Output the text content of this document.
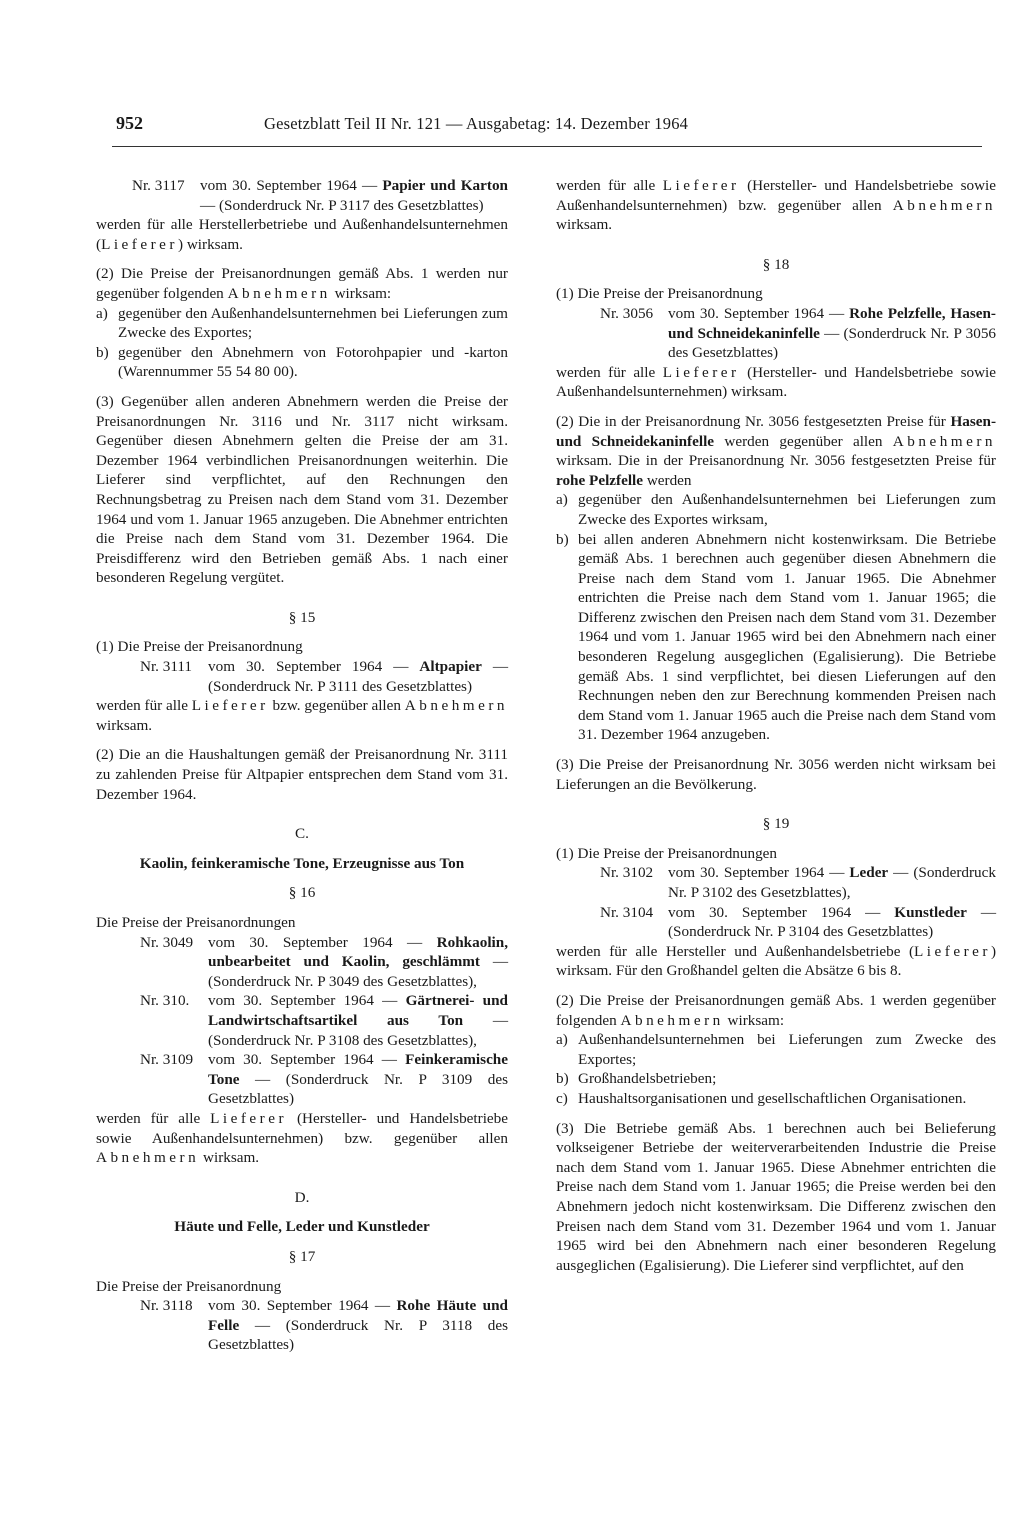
952	Gesetzblatt Teil II Nr. 121 — Ausgabetag: 14. Dezember 1964
Nr. 3117	vom 30. September 1964 — Papier und Karton — (Sonderdruck Nr. P 3117 des Gesetzblattes)

werden für alle Herstellerbetriebe und Außenhandelsunternehmen (Lieferer) wirksam.

(2) Die Preise der Preisanordnungen gemäß Abs. 1 werden nur gegenüber folgenden Abnehmern wirksam:

a) gegenüber den Außenhandelsunternehmen bei Lieferungen zum Zwecke des Exportes;
b) gegenüber den Abnehmern von Fotorohpapier und -karton (Warennummer 55 54 80 00).

(3) Gegenüber allen anderen Abnehmern werden die Preise der Preisanordnungen Nr. 3116 und Nr. 3117 nicht wirksam. Gegenüber diesen Abnehmern gelten die Preise der am 31. Dezember 1964 verbindlichen Preisanordnungen weiterhin. Die Lieferer sind verpflichtet, auf den Rechnungen den Rechnungsbetrag zu Preisen nach dem Stand vom 31. Dezember 1964 und vom 1. Januar 1965 anzugeben. Die Abnehmer entrichten die Preise nach dem Stand vom 31. Dezember 1964. Die Preisdifferenz wird den Betrieben gemäß Abs. 1 nach einer besonderen Regelung vergütet.

§ 15

(1) Die Preise der Preisanordnung

Nr. 3111	vom 30. September 1964 — Altpapier — (Sonderdruck Nr. P 3111 des Gesetzblattes)

werden für alle Lieferer bzw. gegenüber allen Abnehmern wirksam.

(2) Die an die Haushaltungen gemäß der Preisanordnung Nr. 3111 zu zahlenden Preise für Altpapier entsprechen dem Stand vom 31. Dezember 1964.

C.

Kaolin, feinkeramische Tone, Erzeugnisse aus Ton

§ 16

Die Preise der Preisanordnungen

Nr. 3049 vom 30. September 1964 — Rohkaolin, unbearbeitet und Kaolin, geschlämmt — (Sonderdruck Nr. P 3049 des Gesetzblattes),
Nr. 310.	vom 30. September 1964 — Gärtnerei- und Landwirtschaftsartikel aus Ton — (Sonderdruck Nr. P 3108 des Gesetzblattes),
Nr. 3109 vom 30. September 1964 — Feinkeramische Tone — (Sonderdruck Nr. P 3109 des Gesetzblattes)

werden für alle Lieferer (Hersteller- und Handelsbetriebe sowie Außenhandelsunternehmen) bzw. gegenüber allen Abnehmern wirksam.

D.

Häute und Felle, Leder und Kunstleder

§ 17

Die Preise der Preisanordnung

Nr. 3118	vom 30. September 1964 — Rohe Häute und Felle — (Sonderdruck Nr. P 3118 des Gesetzblattes)

werden für alle Lieferer (Hersteller- und Handelsbetriebe sowie Außenhandelsunternehmen) bzw. gegenüber allen Abnehmern wirksam.

§ 18

(1) Die Preise der Preisanordnung

Nr. 3056 vom 30. September 1964 — Rohe Pelzfelle, Hasen- und Schneidekaninfelle — (Sonderdruck Nr. P 3056 des Gesetzblattes)

werden für alle Lieferer (Hersteller- und Handelsbetriebe sowie Außenhandelsunternehmen) wirksam.

(2) Die in der Preisanordnung Nr. 3056 festgesetzten Preise für Hasen- und Schneidekaninfelle werden gegenüber allen Abnehmern wirksam. Die in der Preisanordnung Nr. 3056 festgesetzten Preise für rohe Pelzfelle werden

a) gegenüber den Außenhandelsunternehmen bei Lieferungen zum Zwecke des Exportes wirksam,
b) bei allen anderen Abnehmern nicht kostenwirksam. Die Betriebe gemäß Abs. 1 berechnen auch gegenüber diesen Abnehmern die Preise nach dem Stand vom 1. Januar 1965. Die Abnehmer entrichten die Preise nach dem Stand vom 1. Januar 1965; die Differenz zwischen den Preisen nach dem Stand vom 31. Dezember 1964 und vom 1. Januar 1965 wird bei den Abnehmern nach einer besonderen Regelung ausgeglichen (Egalisierung). Die Betriebe gemäß Abs. 1 sind verpflichtet, bei diesen Lieferungen auf den Rechnungen neben den zur Berechnung kommenden Preisen nach dem Stand vom 1. Januar 1965 auch die Preise nach dem Stand vom 31. Dezember 1964 anzugeben.

(3) Die Preise der Preisanordnung Nr. 3056 werden nicht wirksam bei Lieferungen an die Bevölkerung.

§ 19

(1) Die Preise der Preisanordnungen

Nr. 3102 vom 30. September 1964 — Leder — (Sonderdruck Nr. P 3102 des Gesetzblattes),
Nr. 3104 vom 30. September 1964 — Kunstleder — (Sonderdruck Nr. P 3104 des Gesetzblattes)

werden für alle Hersteller und Außenhandelsbetriebe (Lieferer) wirksam. Für den Großhandel gelten die Absätze 6 bis 8.

(2) Die Preise der Preisanordnungen gemäß Abs. 1 werden gegenüber folgenden Abnehmern wirksam:

a) Außenhandelsunternehmen bei Lieferungen zum Zwecke des Exportes;
b) Großhandelsbetrieben;
c) Haushaltsorganisationen und gesellschaftlichen Organisationen.

(3) Die Betriebe gemäß Abs. 1 berechnen auch bei Belieferung volkseigener Betriebe der weiterverarbeitenden Industrie die Preise nach dem Stand vom 1. Januar 1965. Diese Abnehmer entrichten die Preise nach dem Stand vom 1. Januar 1965; die Preise werden bei den Abnehmern jedoch nicht kostenwirksam. Die Differenz zwischen den Preisen nach dem Stand vom 31. Dezember 1964 und vom 1. Januar 1965 wird bei den Abnehmern nach einer besonderen Regelung ausgeglichen (Egalisierung). Die Lieferer sind verpflichtet, auf den
